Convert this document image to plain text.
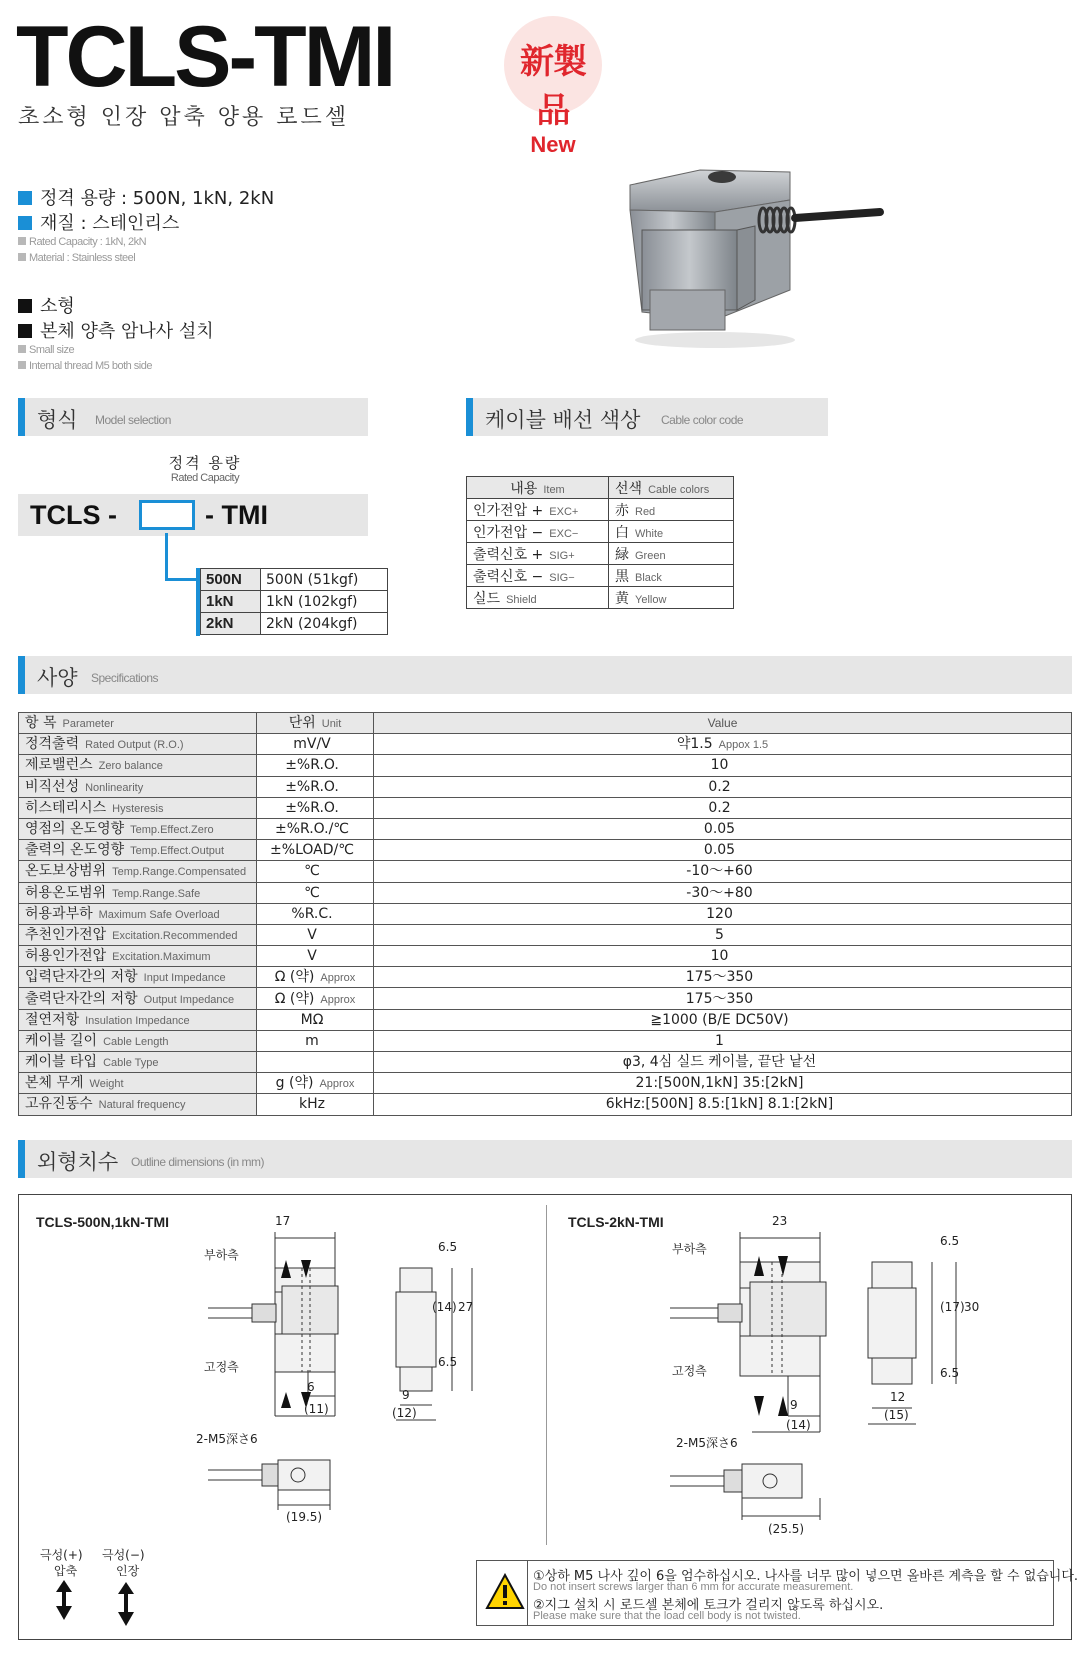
TCLS-TMI
초소형 인장 압축 양용 로드셀
新製品
New
정격 용량 : 500N, 1kN, 2kN
재질 : 스테인리스
Rated Capacity : 1kN, 2kN
Material : Stainless steel
소형
본체 양측 암나사 설치
Small size
Internal thread M5 both side
형식 Model selection
정격 용량
Rated Capacity
TCLS -	- TMI
500N	500N (51kgf)
1kN	1kN (102kgf)
2kN	2kN (204kgf)
케이블 배선 색상 Cable color code
내용 Item	선색 Cable colors
인가전압 + EXC+	赤 Red
인가전압 − EXC−	白 White
출력신호 + SIG+	緑 Green
출력신호 − SIG−	黒 Black
실드 Shield	黄 Yellow
사양 Specifications
항 목 Parameter	단위 Unit	Value
정격출력 Rated Output (R.O.)	mV/V	약1.5 Appox 1.5
제로밸런스 Zero balance	±%R.O.	10
비직선성 Nonlinearity	±%R.O.	0.2
히스테리시스 Hysteresis	±%R.O.	0.2
영점의 온도영향 Temp.Effect.Zero	±%R.O./℃	0.05
출력의 온도영향 Temp.Effect.Output	±%LOAD/℃	0.05
온도보상범위 Temp.Range.Compensated	℃	-10～+60
허용온도범위 Temp.Range.Safe	℃	-30～+80
허용과부하 Maximum Safe Overload	%R.C.	120
추천인가전압 Excitation.Recommended	V	5
허용인가전압 Excitation.Maximum	V	10
입력단자간의 저항 Input Impedance	Ω (약) Approx	175～350
출력단자간의 저항 Output Impedance	Ω (약) Approx	175～350
절연저항 Insulation Impedance	MΩ	≧1000 (B/E DC50V)
케이블 길이 Cable Length	m	1
케이블 타입 Cable Type		φ3, 4심 실드 케이블, 끝단 낱선
본체 무게 Weight	g (약) Approx	21:[500N,1kN] 35:[2kN]
고유진동수 Natural frequency	kHz	6kHz:[500N] 8.5:[1kN] 8.1:[2kN]
외형치수 Outline dimensions (in mm)
TCLS-500N,1kN-TMI	TCLS-2kN-TMI
17
부하측
고정측
6
(11)
6.5
(14) 27
6.5
9
(12)
2-M5深さ6
(19.5)
23
부하측
고정측
9
(14)
6.5
(17) 30
6.5
12
(15)
2-M5深さ6
(25.5)
극성(+)
압축
극성(−)
인장	①상하 M5 나사 깊이 6을 엄수하십시오. 나사를 너무 많이 넣으면 올바른 계측을 할 수 없습니다.
Do not insert screws larger than 6 mm for accurate measurement.
②지그 설치 시 로드셀 본체에 토크가 걸리지 않도록 하십시오.
Please make sure that the load cell body is not twisted.
